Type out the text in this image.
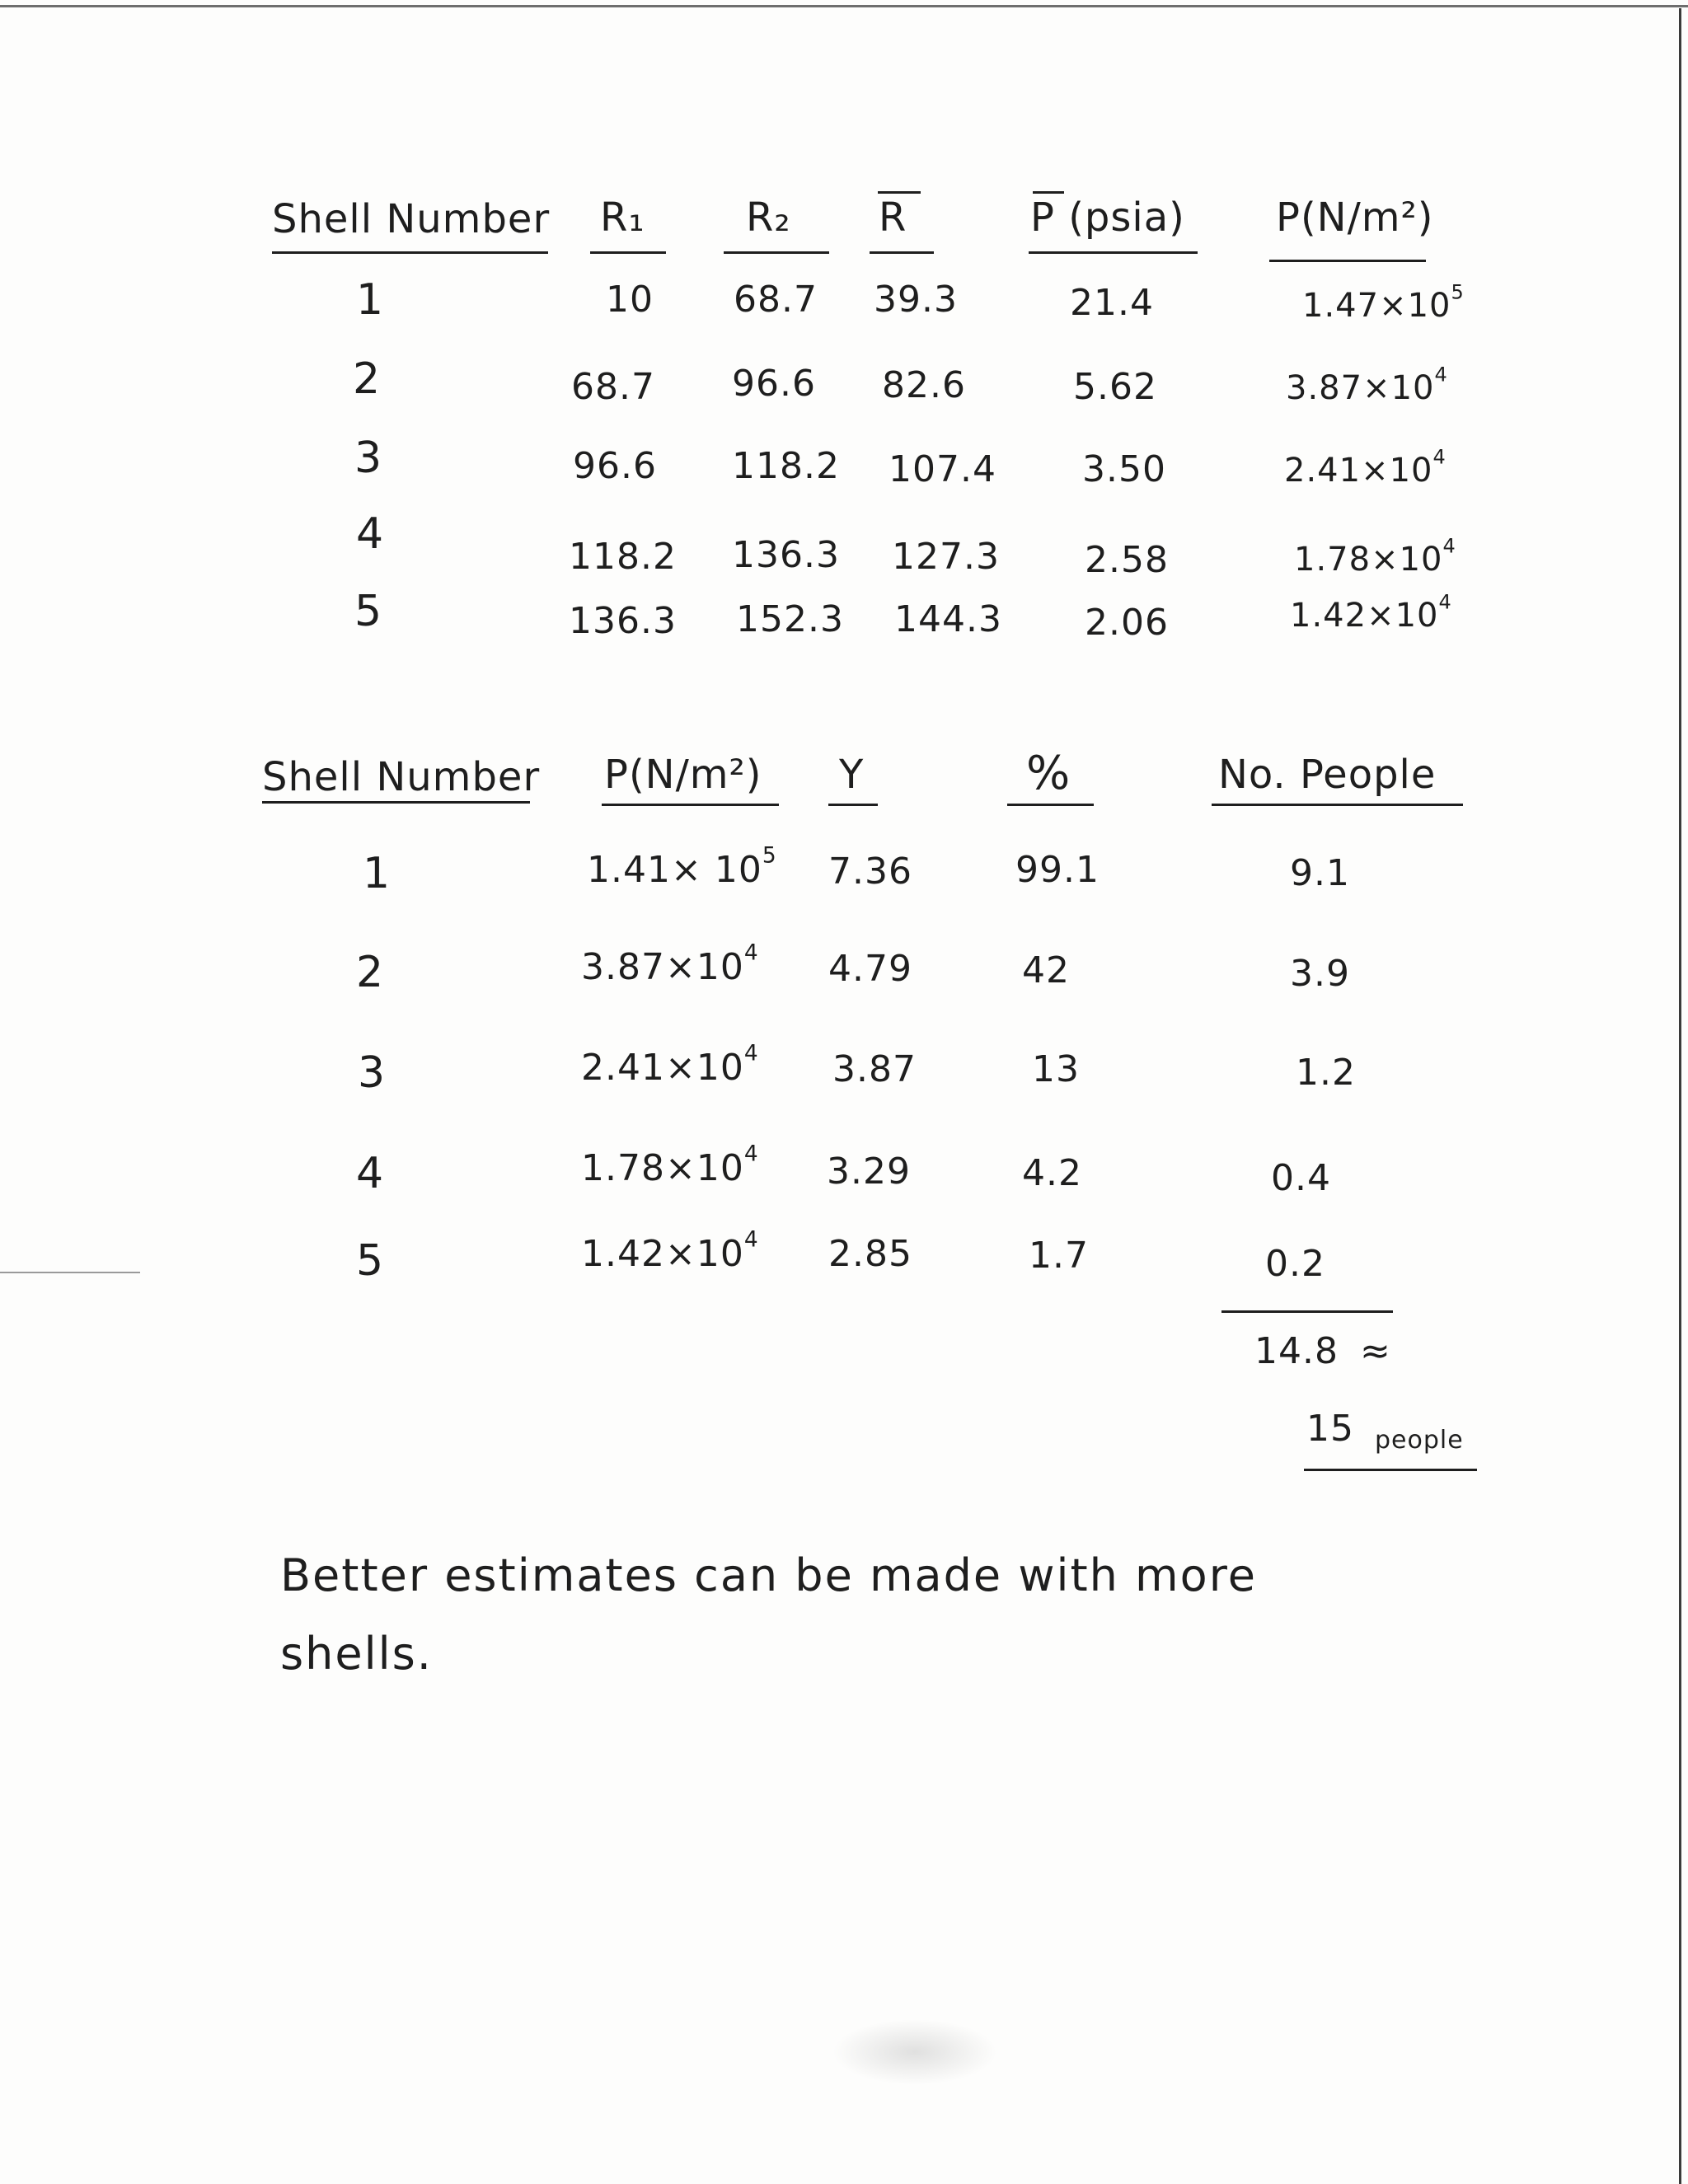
Shell Number R₁	R₂ R	P (psia) P(N/m²)
1	10 68.7 39.3	21.4	$1.47\times 10^5$
2	68.7 96.6 82.6	5.62	$3.87\times 10^4$
3	96.6 118.2 107.4 3.50	$2.41\times 10^4$
4	118.2 136.3 127.3 2.58	$1.78\times 10^4$
5	136.3 152.3 144.3 2.06	$1.42\times 10^4$
Shell Number P(N/m²) Y	%	No. People
1	$1.41\times 10^5$ 7.36	99.1	9.1
2	$3.87\times 10^4$ 4.79	42	3.9
3	$2.41\times 10^4$ 3.87	13	1.2
4	$1.78\times 10^4$ 3.29	4.2	0.4
5	$1.42\times 10^4$ 2.85	1.7	0.2
14.8 ≈
15 people
Better estimates can be made with more
shells.
